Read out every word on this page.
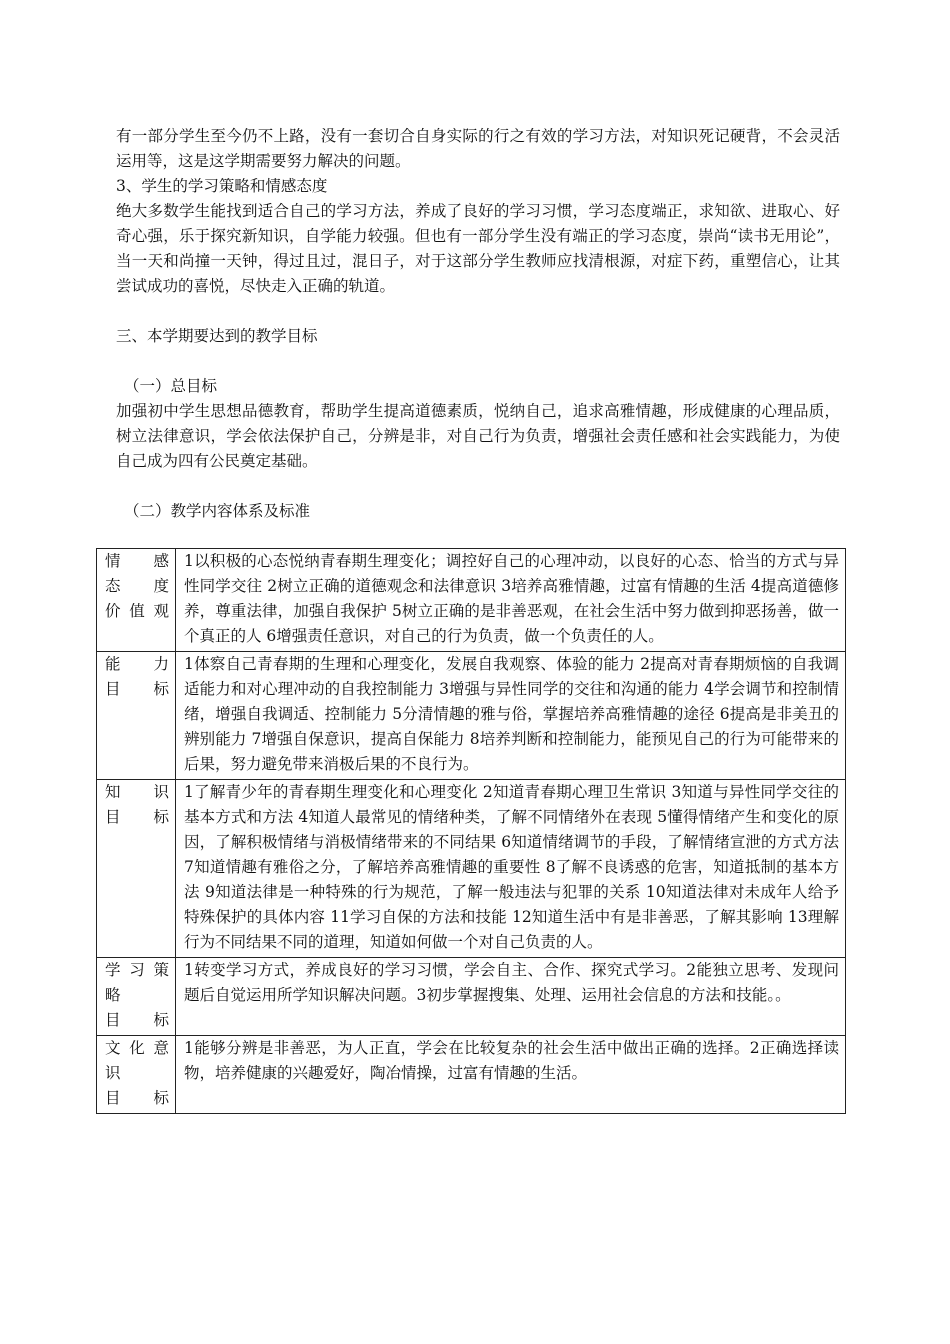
有一部分学生至今仍不上路，没有一套切合自身实际的行之有效的学习方法，对知识死记硬背，不会灵活运用等，这是这学期需要努力解决的问题。

3、学生的学习策略和情感态度

绝大多数学生能找到适合自己的学习方法，养成了良好的学习习惯，学习态度端正，求知欲、进取心、好奇心强，乐于探究新知识，自学能力较强。但也有一部分学生没有端正的学习态度，崇尚“读书无用论”，当一天和尚撞一天钟，得过且过，混日子，对于这部分学生教师应找清根源，对症下药，重塑信心，让其尝试成功的喜悦，尽快走入正确的轨道。

三、本学期要达到的教学目标

（一）总目标

加强初中学生思想品德教育，帮助学生提高道德素质，悦纳自己，追求高雅情趣，形成健康的心理品质，树立法律意识，学会依法保护自己，分辨是非，对自己行为负责，增强社会责任感和社会实践能力，为使自己成为四有公民奠定基础。

（二）教学内容体系及标准

情感
态度
价值观	1以积极的心态悦纳青春期生理变化；调控好自己的心理冲动，以良好的心态、恰当的方式与异性同学交往 2树立正确的道德观念和法律意识 3培养高雅情趣，过富有情趣的生活 4提高道德修养，尊重法律，加强自我保护 5树立正确的是非善恶观，在社会生活中努力做到抑恶扬善，做一个真正的人 6增强责任意识，对自己的行为负责，做一个负责任的人。

能力
目标	1体察自己青春期的生理和心理变化，发展自我观察、体验的能力 2提高对青春期烦恼的自我调适能力和对心理冲动的自我控制能力 3增强与异性同学的交往和沟通的能力 4学会调节和控制情绪，增强自我调适、控制能力 5分清情趣的雅与俗，掌握培养高雅情趣的途径 6提高是非美丑的辨别能力 7增强自保意识，提高自保能力 8培养判断和控制能力，能预见自己的行为可能带来的后果，努力避免带来消极后果的不良行为。

知识
目标	1了解青少年的青春期生理变化和心理变化 2知道青春期心理卫生常识 3知道与异性同学交往的基本方式和方法 4知道人最常见的情绪种类，了解不同情绪外在表现 5懂得情绪产生和变化的原因，了解积极情绪与消极情绪带来的不同结果 6知道情绪调节的手段，了解情绪宣泄的方式方法 7知道情趣有雅俗之分，了解培养高雅情趣的重要性 8了解不良诱惑的危害，知道抵制的基本方法 9知道法律是一种特殊的行为规范，了解一般违法与犯罪的关系 10知道法律对未成年人给予特殊保护的具体内容 11学习自保的方法和技能 12知道生活中有是非善恶，了解其影响 13理解行为不同结果不同的道理，知道如何做一个对自己负责的人。

学习策
略
目标	1转变学习方式，养成良好的学习习惯，学会自主、合作、探究式学习。2能独立思考、发现问题后自觉运用所学知识解决问题。3初步掌握搜集、处理、运用社会信息的方法和技能。。

文化意
识
目标	1能够分辨是非善恶，为人正直，学会在比较复杂的社会生活中做出正确的选择。2正确选择读物，培养健康的兴趣爱好，陶冶情操，过富有情趣的生活。
